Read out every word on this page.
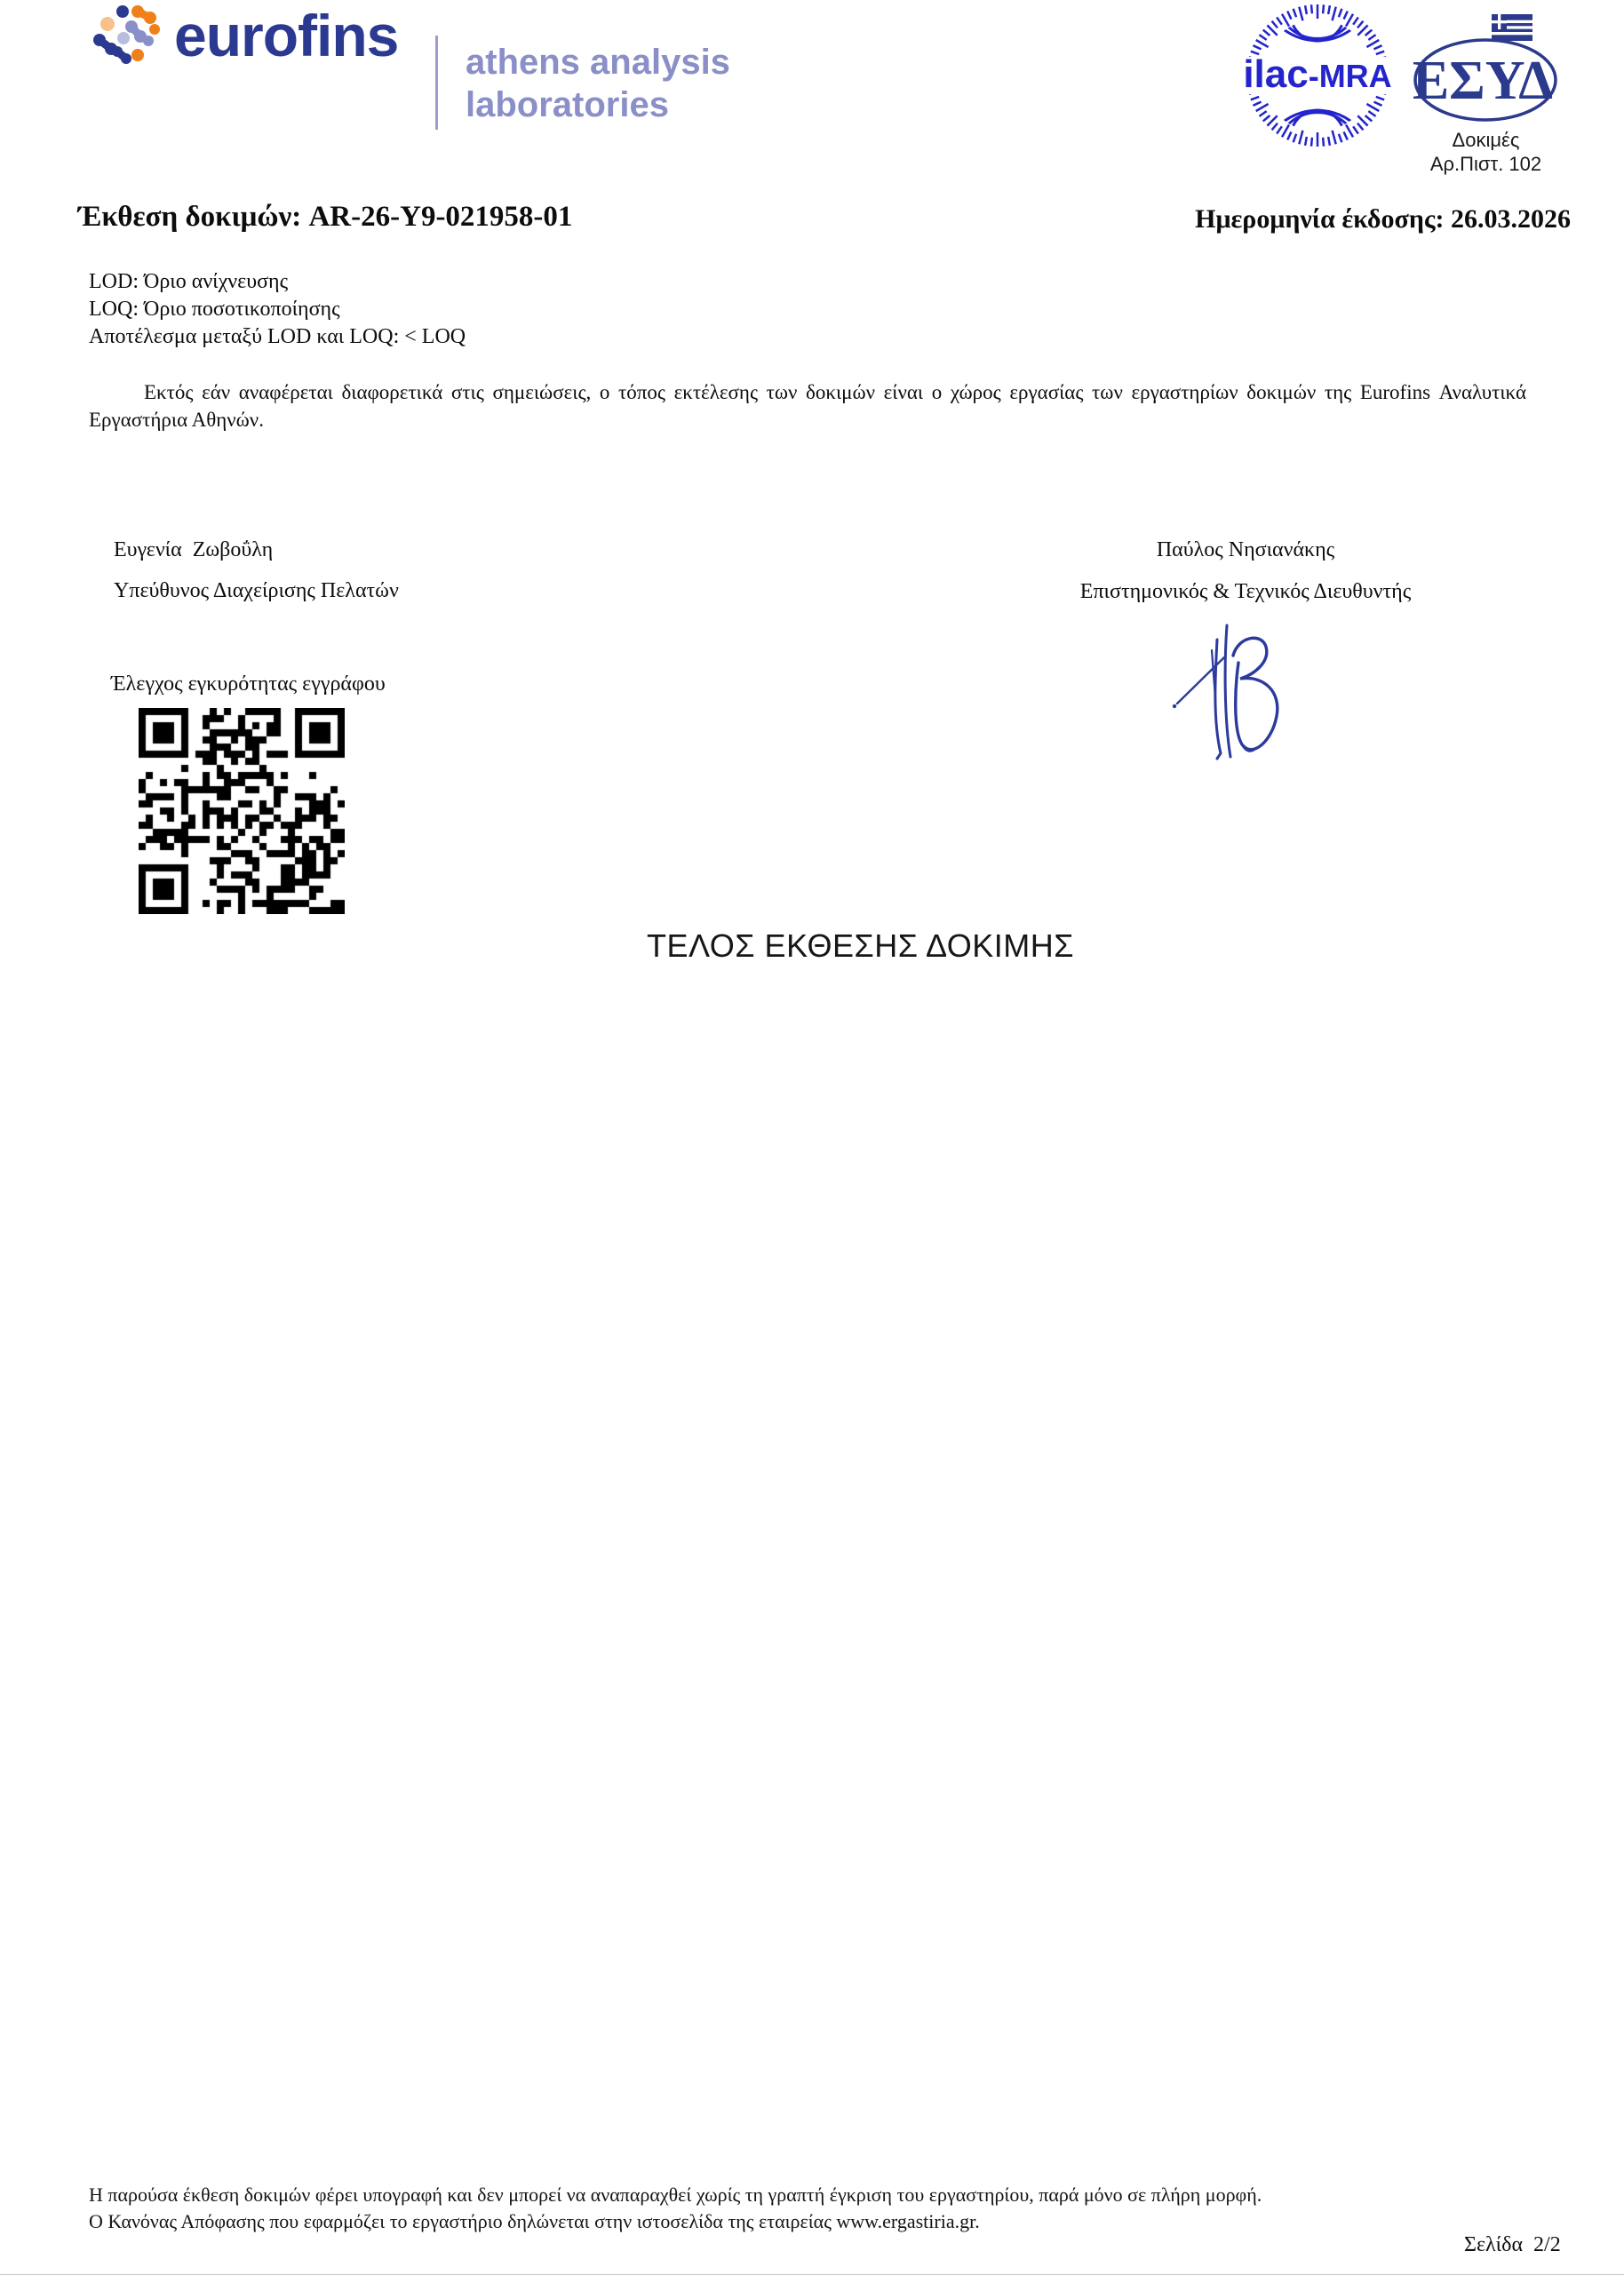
eurofins athens analysis
laboratories
ilac-MRA ΕΣΥΔ
Δοκιμές
Αρ.Πιστ. 102
Έκθεση δοκιμών: AR-26-Y9-021958-01	Ημερομηνία έκδοσης: 26.03.2026
LOD: Όριο ανίχνευσης
LOQ: Όριο ποσοτικοποίησης
Αποτέλεσμα μεταξύ LOD και LOQ: < LOQ
Εκτός εάν αναφέρεται διαφορετικά στις σημειώσεις, ο τόπος εκτέλεσης των δοκιμών είναι ο χώρος εργασίας των εργαστηρίων δοκιμών της Eurofins Αναλυτικά Εργαστήρια Αθηνών.
Ευγενία  Ζωβοΰλη
Υπεύθυνος Διαχείρισης Πελατών
Παύλος Νησιανάκης
Επιστημονικός & Τεχνικός Διευθυντής
Έλεγχος εγκυρότητας εγγράφου
ΤΕΛΟΣ ΕΚΘΕΣΗΣ ΔΟΚΙΜΗΣ
Η παρούσα έκθεση δοκιμών φέρει υπογραφή και δεν μπορεί να αναπαραχθεί χωρίς τη γραπτή έγκριση του εργαστηρίου, παρά μόνο σε πλήρη μορφή.
Ο Κανόνας Απόφασης που εφαρμόζει το εργαστήριο δηλώνεται στην ιστοσελίδα της εταιρείας www.ergastiria.gr.
Σελίδα  2/2
